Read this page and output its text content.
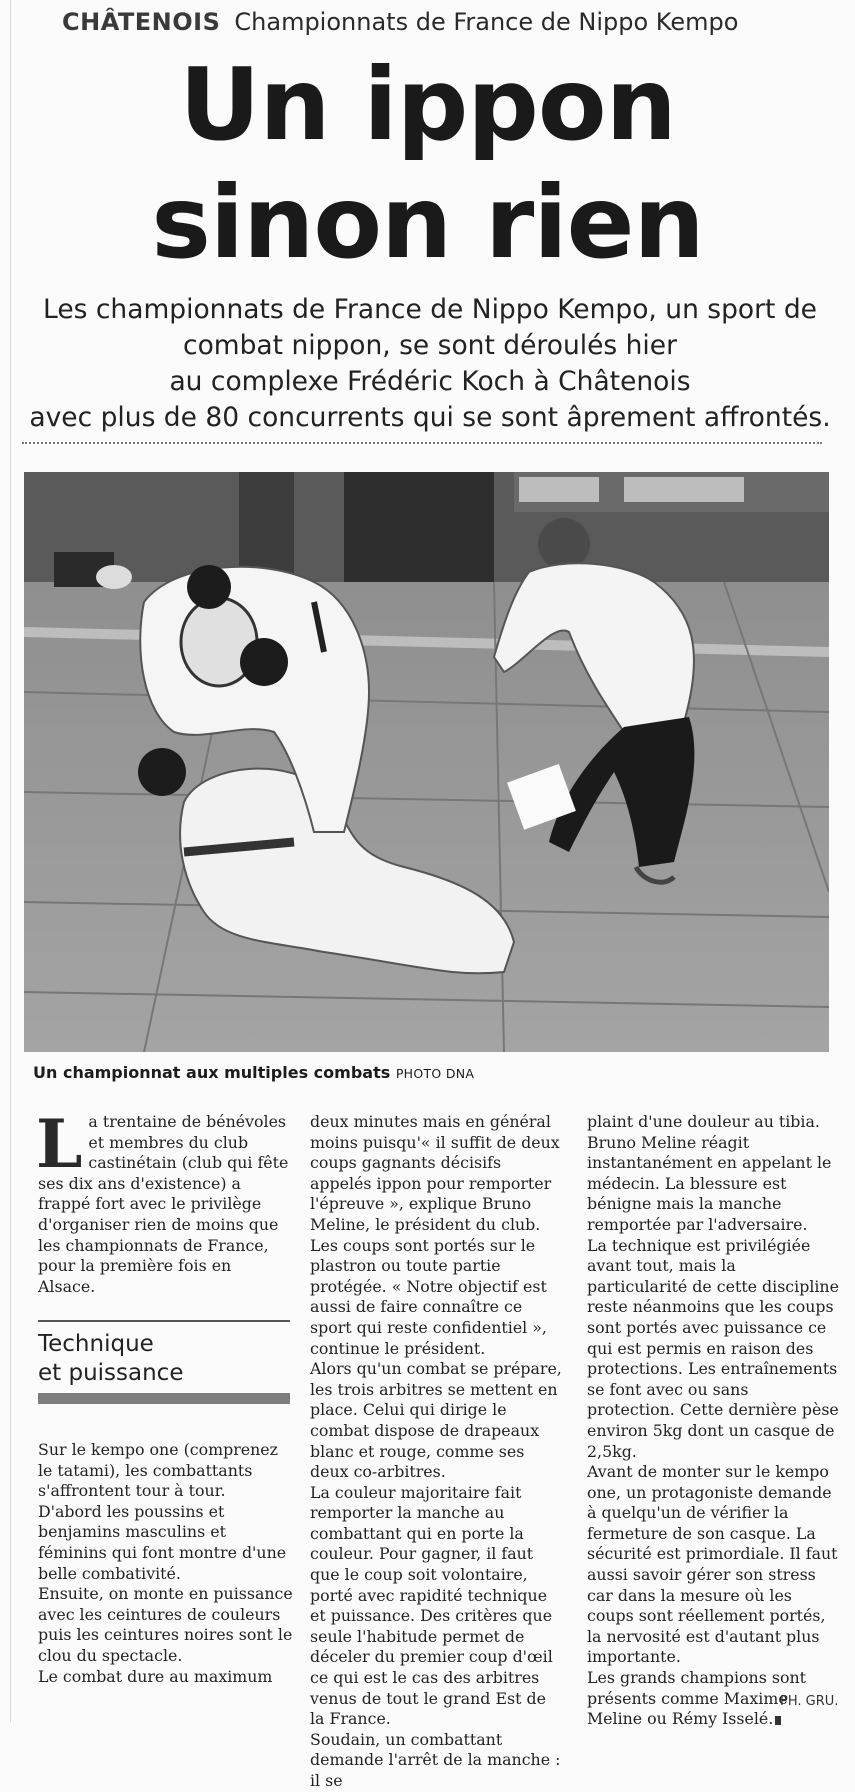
CHÂTENOIS Championnats de France de Nippo Kempo
Un ippon
sinon rien
Les championnats de France de Nippo Kempo, un sport de
combat nippon, se sont déroulés hier
au complexe Frédéric Koch à Châtenois
avec plus de 80 concurrents qui se sont âprement affrontés.
Un championnat aux multiples combats PHOTO DNA
L a trentaine de bénévoles et membres du club castinétain (club qui fête ses dix ans d'existence) a frappé fort avec le privilège d'organiser rien de moins que les championnats de France, pour la première fois en Alsace.

Technique
et puissance

Sur le kempo one (comprenez le tatami), les combattants s'affrontent tour à tour.

D'abord les poussins et benjamins masculins et féminins qui font montre d'une belle combativité.

Ensuite, on monte en puissance avec les ceintures de couleurs puis les ceintures noires sont le clou du spectacle.

Le combat dure au maximum

deux minutes mais en général moins puisqu'« il suffit de deux coups gagnants décisifs appelés ippon pour remporter l'épreuve », explique Bruno Meline, le président du club.

Les coups sont portés sur le plastron ou toute partie protégée. « Notre objectif est aussi de faire connaître ce sport qui reste confidentiel », continue le président.

Alors qu'un combat se prépare, les trois arbitres se mettent en place. Celui qui dirige le combat dispose de drapeaux blanc et rouge, comme ses deux co-arbitres.

La couleur majoritaire fait remporter la manche au combattant qui en porte la couleur. Pour gagner, il faut que le coup soit volontaire, porté avec rapidité technique et puissance. Des critères que seule l'habitude permet de déceler du premier coup d'œil ce qui est le cas des arbitres venus de tout le grand Est de la France.

Soudain, un combattant demande l'arrêt de la manche : il se

plaint d'une douleur au tibia. Bruno Meline réagit instantanément en appelant le médecin. La blessure est bénigne mais la manche remportée par l'adversaire.

La technique est privilégiée avant tout, mais la particularité de cette discipline reste néanmoins que les coups sont portés avec puissance ce qui est permis en raison des protections. Les entraînements se font avec ou sans protection. Cette dernière pèse environ 5kg dont un casque de 2,5kg.

Avant de monter sur le kempo one, un protagoniste demande à quelqu'un de vérifier la fermeture de son casque. La sécurité est primordiale. Il faut aussi savoir gérer son stress car dans la mesure où les coups sont réellement portés, la nervosité est d'autant plus importante.

Les grands champions sont présents comme Maxime Meline ou Rémy Isselé.

PH. GRU.
